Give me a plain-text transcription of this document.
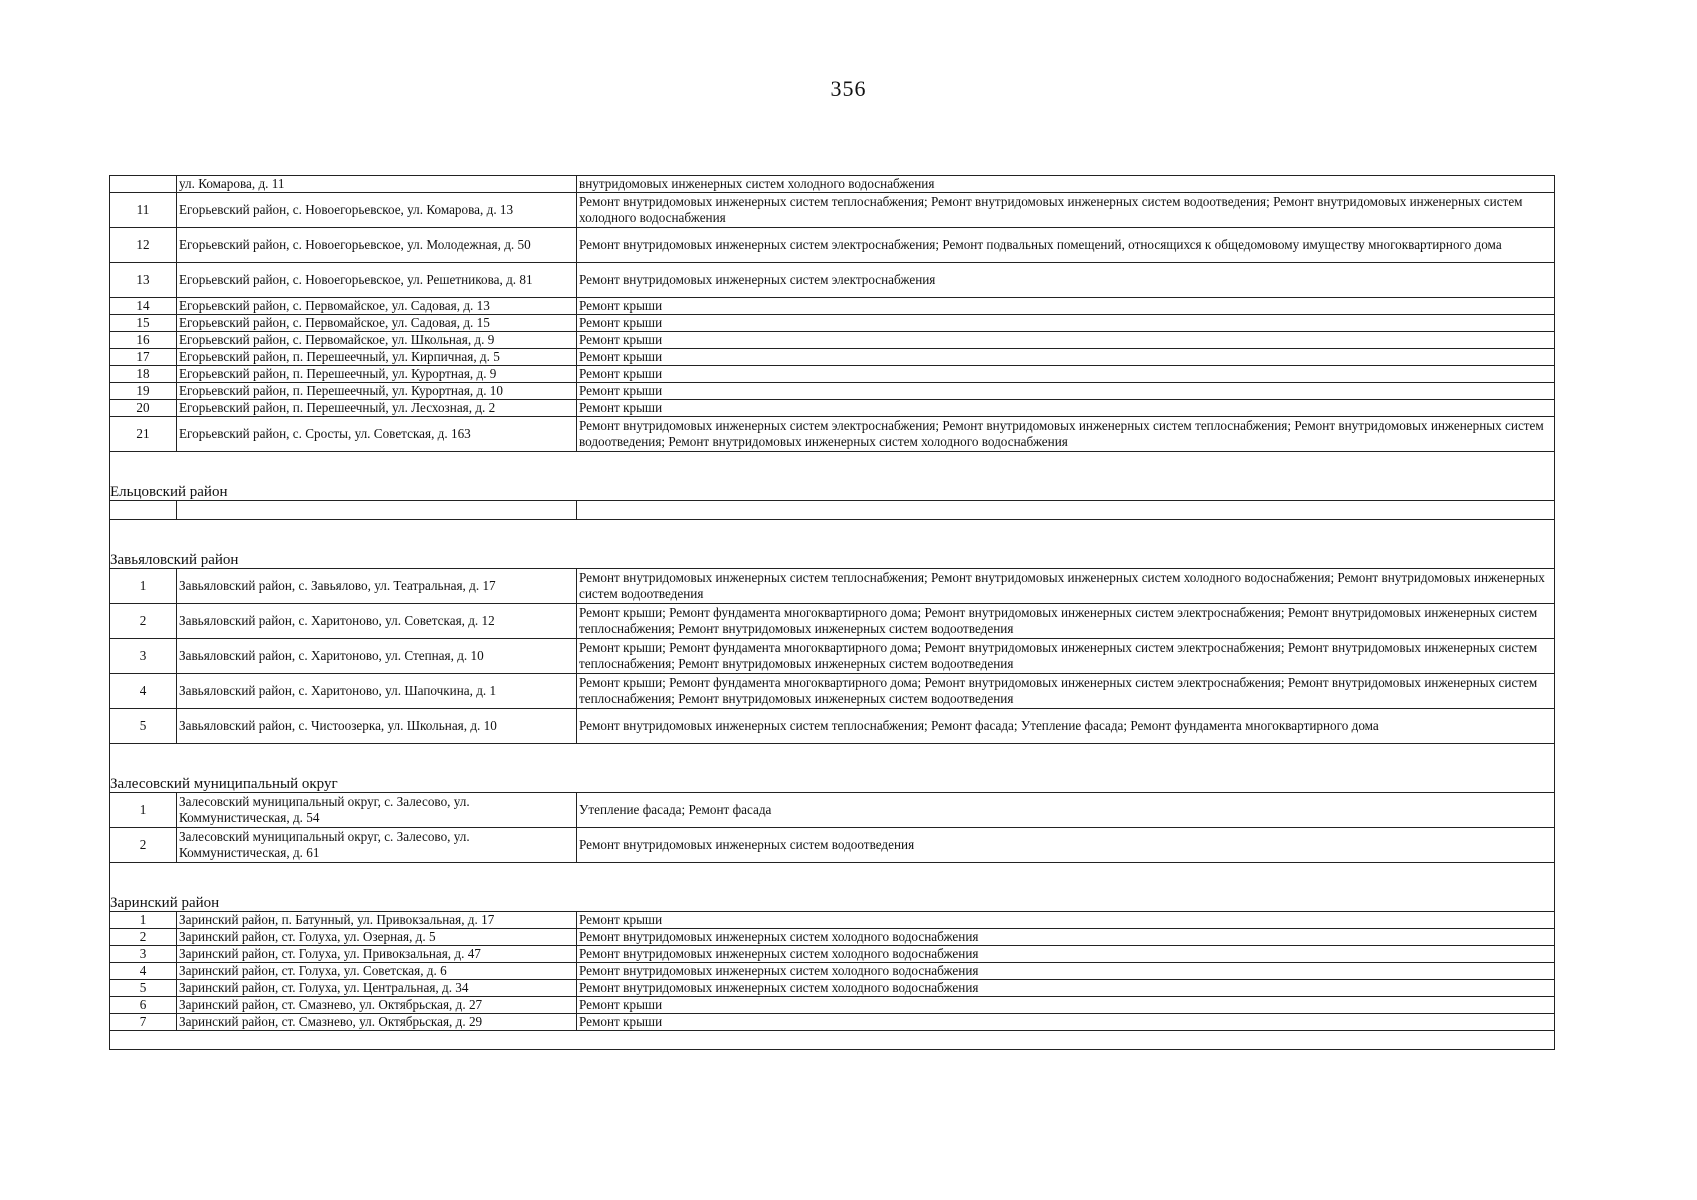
356
	ул. Комарова, д. 11	внутридомовых инженерных систем холодного водоснабжения
11	Егорьевский район, с. Новоегорьевское, ул. Комарова, д. 13	Ремонт внутридомовых инженерных систем теплоснабжения; Ремонт внутридомовых инженерных систем водоотведения; Ремонт внутридомовых инженерных систем холодного водоснабжения
12	Егорьевский район, с. Новоегорьевское, ул. Молодежная, д. 50	Ремонт внутридомовых инженерных систем электроснабжения; Ремонт подвальных помещений, относящихся к общедомовому имуществу многоквартирного дома
13	Егорьевский район, с. Новоегорьевское, ул. Решетникова, д. 81	Ремонт внутридомовых инженерных систем электроснабжения
14	Егорьевский район, с. Первомайское, ул. Садовая, д. 13	Ремонт крыши
15	Егорьевский район, с. Первомайское, ул. Садовая, д. 15	Ремонт крыши
16	Егорьевский район, с. Первомайское, ул. Школьная, д. 9	Ремонт крыши
17	Егорьевский район, п. Перешеечный, ул. Кирпичная, д. 5	Ремонт крыши
18	Егорьевский район, п. Перешеечный, ул. Курортная, д. 9	Ремонт крыши
19	Егорьевский район, п. Перешеечный, ул. Курортная, д. 10	Ремонт крыши
20	Егорьевский район, п. Перешеечный, ул. Лесхозная, д. 2	Ремонт крыши
21	Егорьевский район, с. Сросты, ул. Советская, д. 163	Ремонт внутридомовых инженерных систем электроснабжения; Ремонт внутридомовых инженерных систем теплоснабжения; Ремонт внутридомовых инженерных систем водоотведения; Ремонт внутридомовых инженерных систем холодного водоснабжения

Ельцовский район		

Завьяловский район		
1	Завьяловский район, с. Завьялово, ул. Театральная, д. 17	Ремонт внутридомовых инженерных систем теплоснабжения; Ремонт внутридомовых инженерных систем холодного водоснабжения; Ремонт внутридомовых инженерных систем водоотведения
2	Завьяловский район, с. Харитоново, ул. Советская, д. 12	Ремонт крыши; Ремонт фундамента многоквартирного дома; Ремонт внутридомовых инженерных систем электроснабжения; Ремонт внутридомовых инженерных систем теплоснабжения; Ремонт внутридомовых инженерных систем водоотведения
3	Завьяловский район, с. Харитоново, ул. Степная, д. 10	Ремонт крыши; Ремонт фундамента многоквартирного дома; Ремонт внутридомовых инженерных систем электроснабжения; Ремонт внутридомовых инженерных систем теплоснабжения; Ремонт внутридомовых инженерных систем водоотведения
4	Завьяловский район, с. Харитоново, ул. Шапочкина, д. 1	Ремонт крыши; Ремонт фундамента многоквартирного дома; Ремонт внутридомовых инженерных систем электроснабжения; Ремонт внутридомовых инженерных систем теплоснабжения; Ремонт внутридомовых инженерных систем водоотведения
5	Завьяловский район, с. Чистоозерка, ул. Школьная, д. 10	Ремонт внутридомовых инженерных систем теплоснабжения; Ремонт фасада; Утепление фасада; Ремонт фундамента многоквартирного дома

Залесовский муниципальный округ		
1	Залесовский муниципальный округ, с. Залесово, ул. Коммунистическая, д. 54	Утепление фасада; Ремонт фасада
2	Залесовский муниципальный округ, с. Залесово, ул. Коммунистическая, д. 61	Ремонт внутридомовых инженерных систем водоотведения

Заринский район		
1	Заринский район, п. Батунный, ул. Привокзальная, д. 17	Ремонт крыши
2	Заринский район, ст. Голуха, ул. Озерная, д. 5	Ремонт внутридомовых инженерных систем холодного водоснабжения
3	Заринский район, ст. Голуха, ул. Привокзальная, д. 47	Ремонт внутридомовых инженерных систем холодного водоснабжения
4	Заринский район, ст. Голуха, ул. Советская, д. 6	Ремонт внутридомовых инженерных систем холодного водоснабжения
5	Заринский район, ст. Голуха, ул. Центральная, д. 34	Ремонт внутридомовых инженерных систем холодного водоснабжения
6	Заринский район, ст. Смазнево, ул. Октябрьская, д. 27	Ремонт крыши
7	Заринский район, ст. Смазнево, ул. Октябрьская, д. 29	Ремонт крыши
